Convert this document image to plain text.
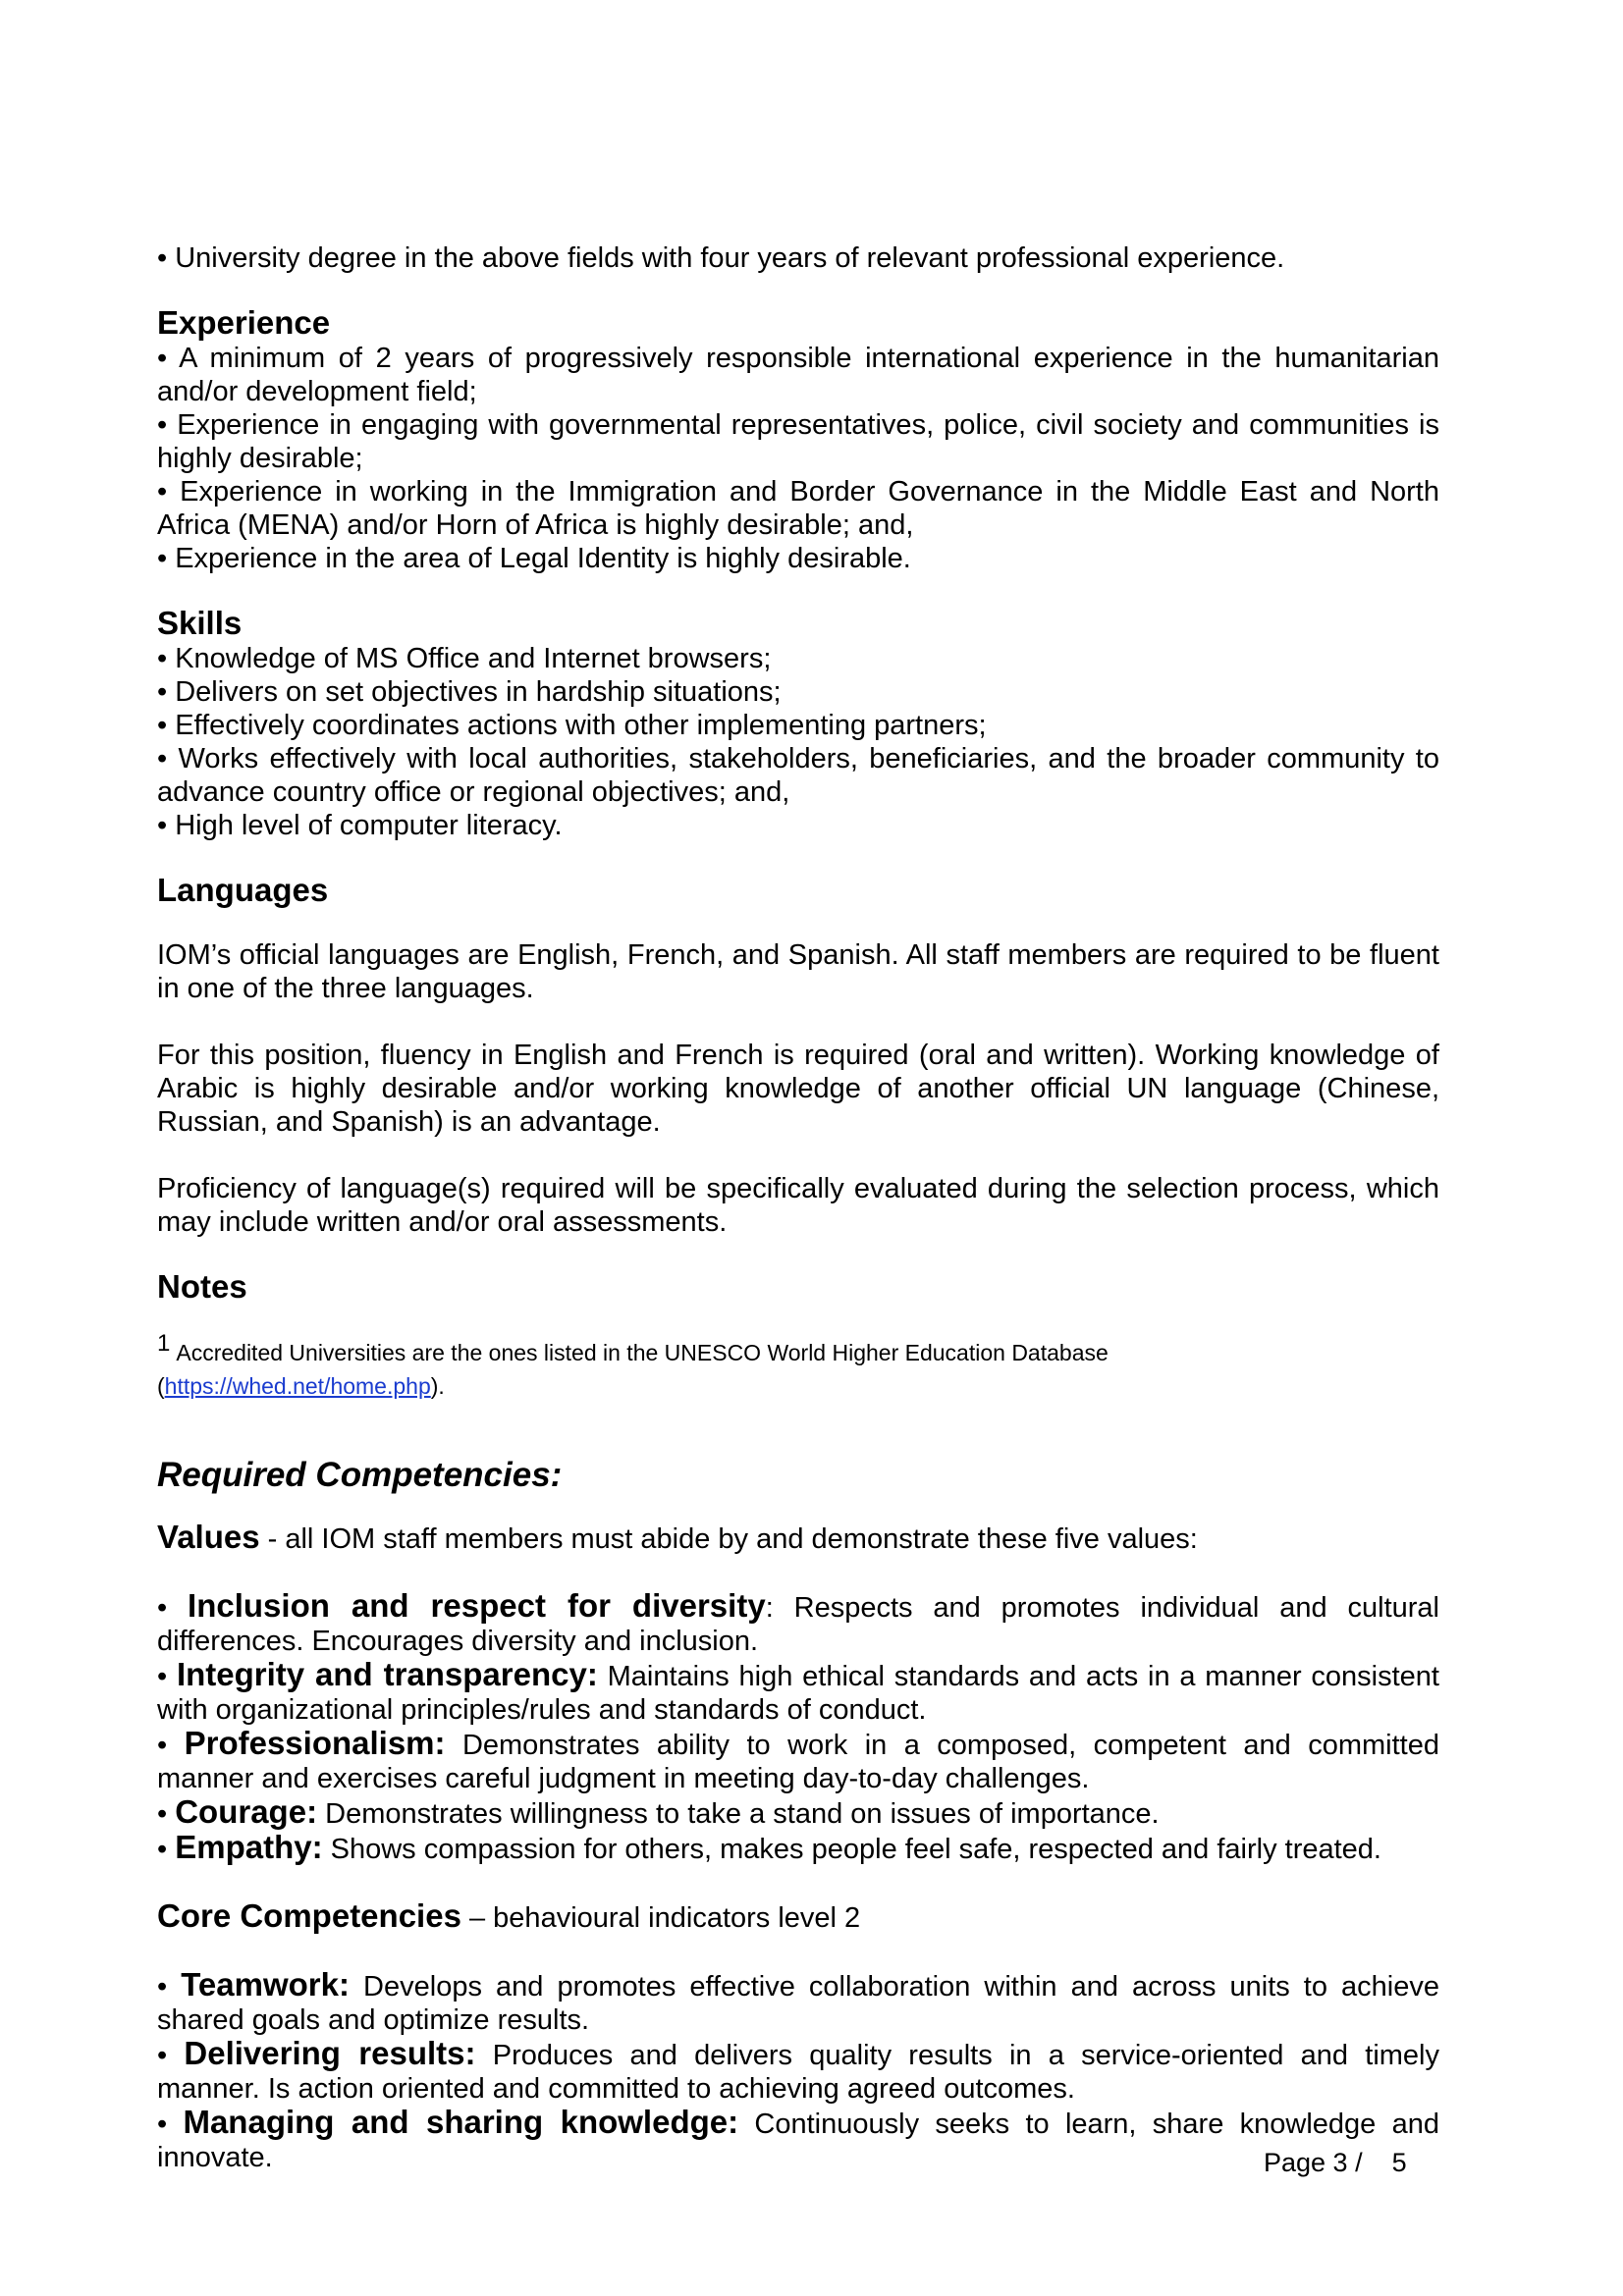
• University degree in the above fields with four years of relevant professional experience.

Experience

• A minimum of 2 years of progressively responsible international experience in the humanitarian and/or development field;

• Experience in engaging with governmental representatives, police, civil society and communities is highly desirable;

• Experience in working in the Immigration and Border Governance in the Middle East and North Africa (MENA) and/or Horn of Africa is highly desirable; and,

• Experience in the area of Legal Identity is highly desirable.

Skills

• Knowledge of MS Office and Internet browsers;

• Delivers on set objectives in hardship situations;

• Effectively coordinates actions with other implementing partners;

• Works effectively with local authorities, stakeholders, beneficiaries, and the broader community to advance country office or regional objectives; and,

• High level of computer literacy.

Languages

IOM’s official languages are English, French, and Spanish. All staff members are required to be fluent in one of the three languages.

For this position, fluency in English and French is required (oral and written). Working knowledge of Arabic is highly desirable and/or working knowledge of another official UN language (Chinese, Russian, and Spanish) is an advantage.

Proficiency of language(s) required will be specifically evaluated during the selection process, which may include written and/or oral assessments.

Notes

1 Accredited Universities are the ones listed in the UNESCO World Higher Education Database

(https://whed.net/home.php).

Required Competencies:

Values - all IOM staff members must abide by and demonstrate these five values:

• Inclusion and respect for diversity: Respects and promotes individual and cultural differences. Encourages diversity and inclusion.

• Integrity and transparency: Maintains high ethical standards and acts in a manner consistent with organizational principles/rules and standards of conduct.

• Professionalism: Demonstrates ability to work in a composed, competent and committed manner and exercises careful judgment in meeting day-to-day challenges.

• Courage: Demonstrates willingness to take a stand on issues of importance.

• Empathy: Shows compassion for others, makes people feel safe, respected and fairly treated.

Core Competencies – behavioural indicators level 2

• Teamwork: Develops and promotes effective collaboration within and across units to achieve shared goals and optimize results.

• Delivering results: Produces and delivers quality results in a service-oriented and timely manner. Is action oriented and committed to achieving agreed outcomes.

• Managing and sharing knowledge: Continuously seeks to learn, share knowledge and innovate.	Page 3 /    5
